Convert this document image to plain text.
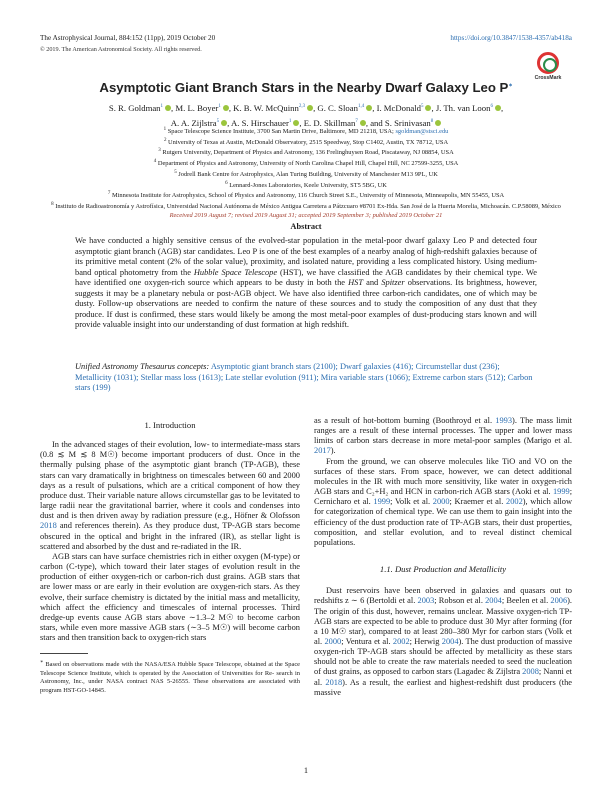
The Astrophysical Journal, 884:152 (11pp), 2019 October 20
© 2019. The American Astronomical Society. All rights reserved.
https://doi.org/10.3847/1538-4357/ab418a
CrossMark
Asymptotic Giant Branch Stars in the Nearby Dwarf Galaxy Leo P∗
S. R. Goldman$^1$ , M. L. Boyer$^1$ , K. B. W. McQuinn$^{2,3}$ , G. C. Sloan$^{1,4}$ , I. McDonald$^5$ , J. Th. van Loon$^6$ ,
A. A. Zijlstra$^5$ , A. S. Hirschauer$^1$ , E. D. Skillman$^7$ , and S. Srinivasan$^8$
$^1$ Space Telescope Science Institute, 3700 San Martin Drive, Baltimore, MD 21218, USA; sgoldman@stsci.edu
$^2$ University of Texas at Austin, McDonald Observatory, 2515 Speedway, Stop C1402, Austin, TX 78712, USA
$^3$ Rutgers University, Department of Physics and Astronomy, 136 Frelinghuysen Road, Piscataway, NJ 08854, USA
$^4$ Department of Physics and Astronomy, University of North Carolina Chapel Hill, Chapel Hill, NC 27599-3255, USA
$^5$ Jodrell Bank Centre for Astrophysics, Alan Turing Building, University of Manchester M13 9PL, UK
$^6$ Lennard-Jones Laboratories, Keele University, ST5 5BG, UK
$^7$ Minnesota Institute for Astrophysics, School of Physics and Astronomy, 116 Church Street S.E., University of Minnesota, Minneapolis, MN 55455, USA
$^8$ Instituto de Radioastronomía y Astrofísica, Universidad Nacional Autónoma de México Antigua Carretera a Pátzcuaro #8701 Ex-Hda. San José de la Huerta Morelia, Michoacán. C.P.58089, México
Received 2019 August 7; revised 2019 August 31; accepted 2019 September 3; published 2019 October 21
Abstract
We have conducted a highly sensitive census of the evolved-star population in the metal-poor dwarf galaxy Leo P and detected four asymptotic giant branch (AGB) star candidates. Leo P is one of the best examples of a nearby analog of high-redshift galaxies because of its primitive metal content (2% of the solar value), proximity, and isolated nature, providing a less complicated history. Using medium-band optical photometry from the Hubble Space Telescope (HST), we have classified the AGB candidates by their chemical type. We have identified one oxygen-rich source which appears to be dusty in both the HST and Spitzer observations. Its brightness, however, suggests it may be a planetary nebula or post-AGB object. We have also identified three carbon-rich candidates, one of which may be dusty. Follow-up observations are needed to confirm the nature of these sources and to study the composition of any dust that they produce. If dust is confirmed, these stars would likely be among the most metal-poor examples of dust-producing stars known and will provide valuable insight into our understanding of dust formation at high redshift.
Unified Astronomy Thesaurus concepts: Asymptotic giant branch stars (2100); Dwarf galaxies (416); Circumstellar dust (236); Metallicity (1031); Stellar mass loss (1613); Late stellar evolution (911); Mira variable stars (1066); Extreme carbon stars (512); Carbon stars (199)
1. Introduction

In the advanced stages of their evolution, low- to intermediate-mass stars (0.8 ≲ M ≲ 8 M☉) become important producers of dust. Once in the thermally pulsing phase of the asymptotic giant branch (TP-AGB), these stars can vary dramatically in brightness on timescales between 60 and 2000 days as a result of pulsations, which are a critical component of how they produce dust. Their variable nature allows circumstellar gas to be levitated to large radii near the gravitational barrier, where it cools and condenses into dust and is then driven away by radiation pressure (e.g., Höfner & Olofsson 2018 and references therein). As they produce dust, TP-AGB stars become obscured in the optical and bright in the infrared (IR), as stellar light is scattered and absorbed by the dust and re-radiated in the IR.

AGB stars can have surface chemistries rich in either oxygen (M-type) or carbon (C-type), which toward their later stages of evolution result in the production of either oxygen-rich or carbon-rich dust grains. AGB stars that are lower mass or are early in their evolution are oxygen-rich stars. As they evolve, their surface chemistry is dictated by the initial mass and metallicity, which affect the efficiency and timescales of internal processes. Third dredge-up events cause AGB stars above ∼1.3–2 M☉ to become carbon stars, while even more massive AGB stars (∼3–5 M☉) will become carbon stars and then transition back to oxygen-rich stars

∗ Based on observations made with the NASA/ESA Hubble Space Telescope, obtained at the Space Telescope Science Institute, which is operated by the Association of Universities for Re- search in Astronomy, Inc., under NASA contract NAS 5-26555. These observations are associated with program HST-GO-14845.

as a result of hot-bottom burning (Boothroyd et al. 1993). The mass limit ranges are a result of these internal processes. The upper and lower mass limits of carbon stars decrease in more metal-poor samples (Marigo et al. 2017).

From the ground, we can observe molecules like TiO and VO on the surfaces of these stars. From space, however, we can detect additional molecules in the IR with much more sensitivity, like water in oxygen-rich AGB stars and C₂+H₂ and HCN in carbon-rich AGB stars (Aoki et al. 1999; Cernicharo et al. 1999; Volk et al. 2000; Kraemer et al. 2002), which allow for categorization of chemical type. We can use them to gain insight into the efficiency of the dust production rate of TP-AGB stars, their dust properties, composition, and stellar evolution, and to reveal distinct chemical populations.

1.1. Dust Production and Metallicity

Dust reservoirs have been observed in galaxies and quasars out to redshifts z ∼ 6 (Bertoldi et al. 2003; Robson et al. 2004; Beelen et al. 2006). The origin of this dust, however, remains unclear. Massive oxygen-rich TP-AGB stars are expected to be able to produce dust 30 Myr after forming (for a 10 M☉ star), compared to at least 280–380 Myr for carbon stars (Volk et al. 2000; Ventura et al. 2002; Herwig 2004). The dust production of massive oxygen-rich TP-AGB stars should be affected by metallicity as these stars should not be able to create the raw materials needed to seed the nucleation of dust grains, as opposed to carbon stars (Lagadec & Zijlstra 2008; Nanni et al. 2018). As a result, the earliest and highest-redshift dust producers (the massive

1
